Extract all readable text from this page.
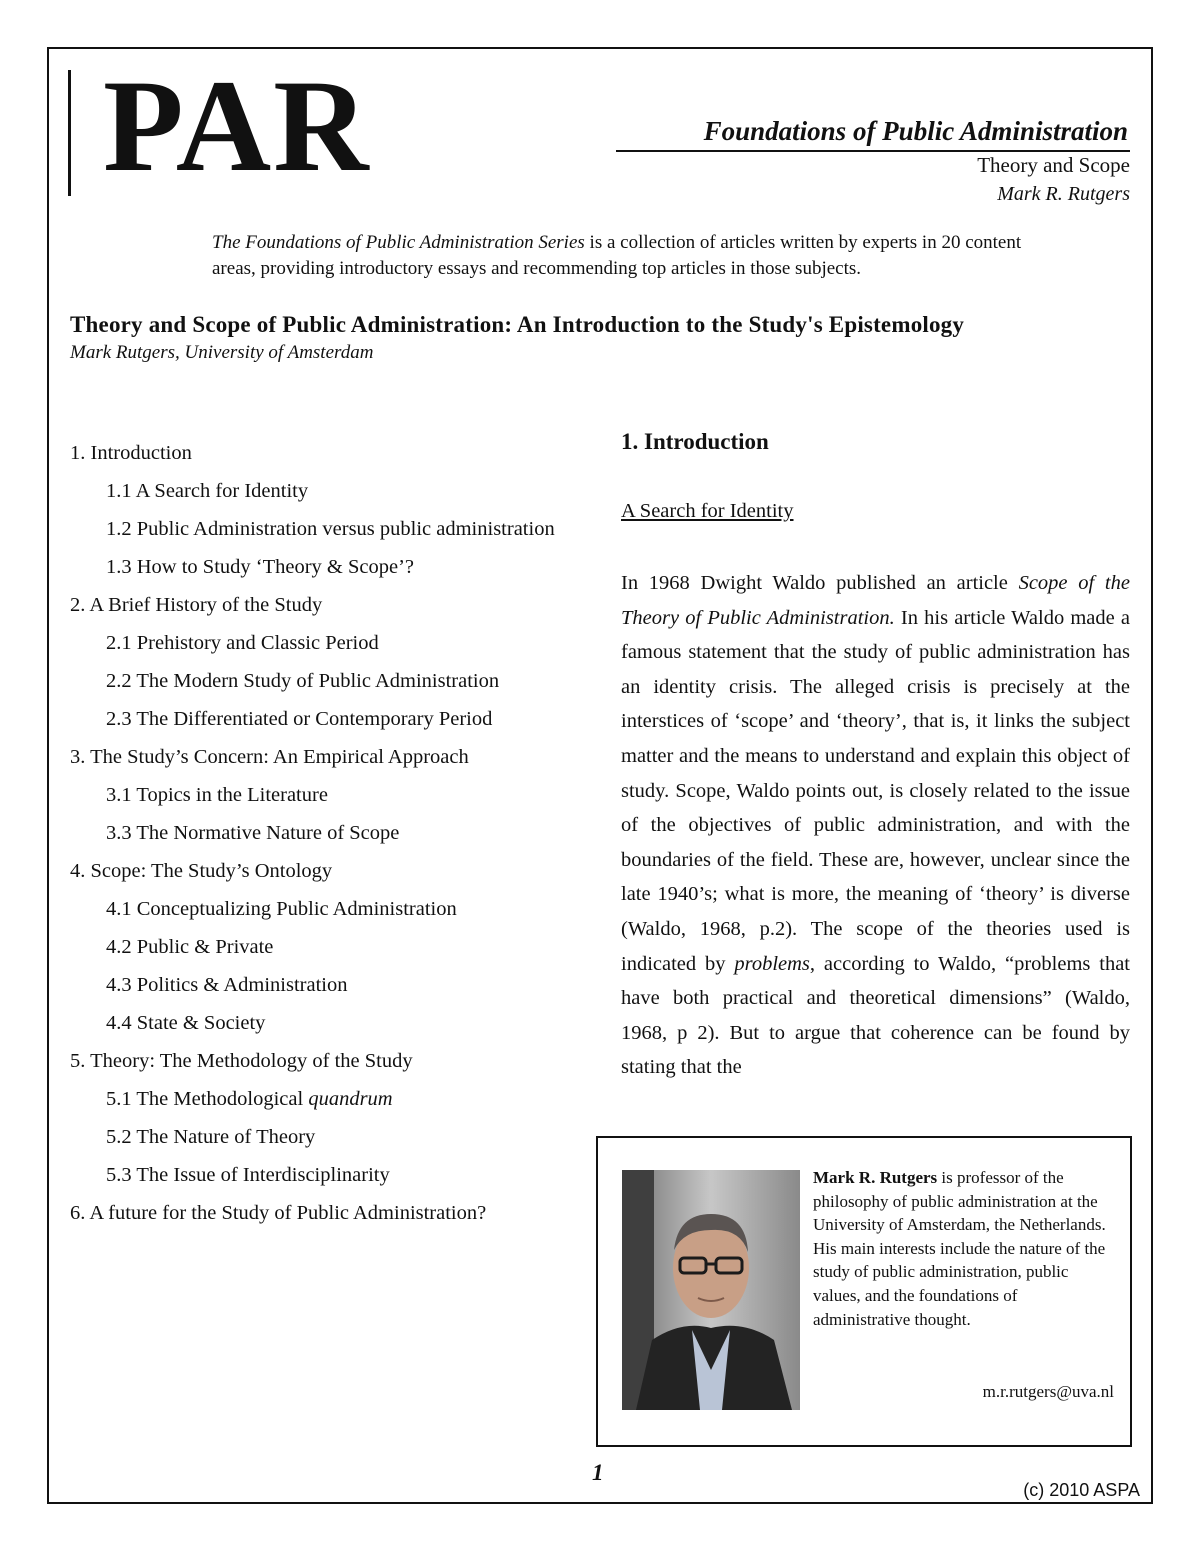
PAR	Foundations of Public Administration
Theory and Scope
Mark R. Rutgers
The Foundations of Public Administration Series is a collection of articles written by experts in 20 content areas, providing introductory essays and recommending top articles in those subjects.
Theory and Scope of Public Administration: An Introduction to the Study's Epistemology
Mark Rutgers, University of Amsterdam
1. Introduction
1.1 A Search for Identity
1.2 Public Administration versus public administration
1.3 How to Study ‘Theory & Scope’?
2. A Brief History of the Study
2.1 Prehistory and Classic Period
2.2 The Modern Study of Public Administration
2.3 The Differentiated or Contemporary Period
3. The Study’s Concern: An Empirical Approach
3.1 Topics in the Literature
3.3 The Normative Nature of Scope
4. Scope: The Study’s Ontology
4.1 Conceptualizing Public Administration
4.2 Public & Private
4.3 Politics & Administration
4.4 State & Society
5. Theory: The Methodology of the Study
5.1 The Methodological quandrum
5.2 The Nature of Theory
5.3 The Issue of Interdisciplinarity
6. A future for the Study of Public Administration?
1. Introduction
A Search for Identity
In 1968 Dwight Waldo published an article Scope of the Theory of Public Administration. In his article Waldo made a famous statement that the study of public administration has an identity crisis. The alleged crisis is precisely at the interstices of ‘scope’ and ‘theory’, that is, it links the subject matter and the means to understand and explain this object of study. Scope, Waldo points out, is closely related to the issue of the objectives of public administration, and with the boundaries of the field. These are, however, unclear since the late 1940’s; what is more, the meaning of ‘theory’ is diverse (Waldo, 1968, p.2). The scope of the theories used is indicated by problems, according to Waldo, “problems that have both practical and theoretical dimensions” (Waldo, 1968, p 2). But to argue that coherence can be found by stating that the
Mark R. Rutgers is professor of the philosophy of public administration at the University of Amsterdam, the Netherlands. His main interests include the nature of the study of public administration, public values, and the foundations of administrative thought.
m.r.rutgers@uva.nl
1
(c) 2010 ASPA
